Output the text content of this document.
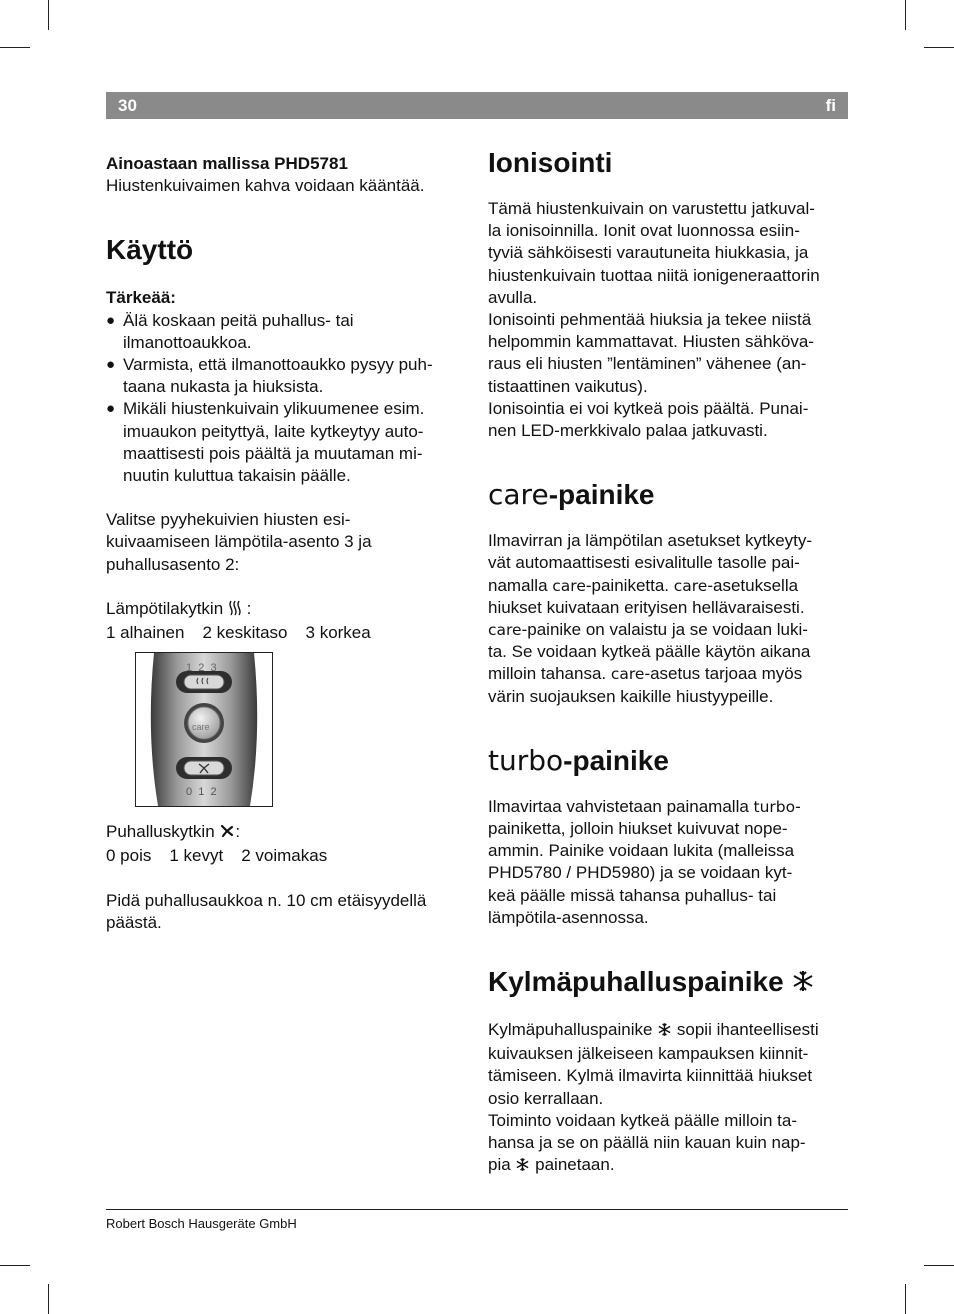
30	fi

Ainoastaan mallissa PHD5781

Hiustenkuivaimen kahva voidaan kääntää.

Käyttö

Tärkeää:

● Älä koskaan peitä puhallus- tai
ilmanottoaukkoa.
● Varmista, että ilmanottoaukko pysyy puh-
taana nukasta ja hiuksista.
● Mikäli hiustenkuivain ylikuumenee esim.
imuaukon peityttyä, laite kytkeytyy auto-
maattisesti pois päältä ja muutaman mi-
nuutin kuluttua takaisin päälle.

Valitse pyyhekuivien hiusten esi-
kuivaamiseen lämpötila-asento 3 ja
puhallusasento 2:

Lämpötilakytkin  :

1 alhainen 2 keskitaso 3 korkea

1  2  3
care
0  1  2

Puhalluskytkin :

0 pois 1 kevyt 2 voimakas

Pidä puhallusaukkoa n. 10 cm etäisyydellä
päästä.

Ionisointi

Tämä hiustenkuivain on varustettu jatkuval-
la ionisoinnilla. Ionit ovat luonnossa esiin-
tyviä sähköisesti varautuneita hiukkasia, ja
hiustenkuivain tuottaa niitä ionigeneraattorin
avulla.
Ionisointi pehmentää hiuksia ja tekee niistä
helpommin kammattavat. Hiusten sähköva-
raus eli hiusten ”lentäminen” vähenee (an-
tistaattinen vaikutus).
Ionisointia ei voi kytkeä pois päältä. Punai-
nen LED-merkkivalo palaa jatkuvasti.

care-painike

Ilmavirran ja lämpötilan asetukset kytkeyty-
vät automaattisesti esivalitulle tasolle pai-
namalla care-painiketta. care-asetuksella
hiukset kuivataan erityisen hellävaraisesti.
care-painike on valaistu ja se voidaan luki-
ta. Se voidaan kytkeä päälle käytön aikana
milloin tahansa. care-asetus tarjoaa myös
värin suojauksen kaikille hiustyypeille.

turbo-painike

Ilmavirtaa vahvistetaan painamalla turbo-
painiketta, jolloin hiukset kuivuvat nope-
ammin. Painike voidaan lukita (malleissa
PHD5780 / PHD5980) ja se voidaan kyt-
keä päälle missä tahansa puhallus- tai
lämpötila-asennossa.

Kylmäpuhalluspainike

Kylmäpuhalluspainike  sopii ihanteellisesti
kuivauksen jälkeiseen kampauksen kiinnit-
tämiseen. Kylmä ilmavirta kiinnittää hiukset
osio kerrallaan.
Toiminto voidaan kytkeä päälle milloin ta-
hansa ja se on päällä niin kauan kuin nap-
pia  painetaan.

Robert Bosch Hausgeräte GmbH
